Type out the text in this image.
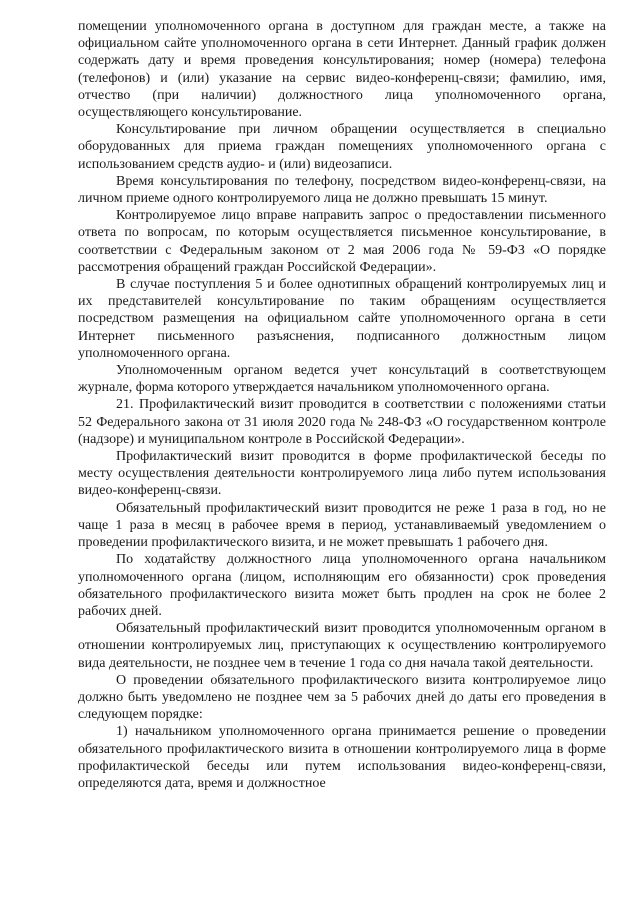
помещении уполномоченного органа в доступном для граждан месте, а также на официальном сайте уполномоченного органа в сети Интернет. Данный график должен содержать дату и время проведения консультирования; номер (номера) телефона (телефонов) и (или) указание на сервис видео-конференц-связи; фамилию, имя, отчество (при наличии) должностного лица уполномоченного органа, осуществляющего консультирование.

Консультирование при личном обращении осуществляется в специально оборудованных для приема граждан помещениях уполномоченного органа с использованием средств аудио- и (или) видеозаписи.

Время консультирования по телефону, посредством видео-конференц-связи, на личном приеме одного контролируемого лица не должно превышать 15 минут.

Контролируемое лицо вправе направить запрос о предоставлении письменного ответа по вопросам, по которым осуществляется письменное консультирование, в соответствии с Федеральным законом от 2 мая 2006 года № 59-ФЗ «О порядке рассмотрения обращений граждан Российской Федерации».

В случае поступления 5 и более однотипных обращений контролируемых лиц и их представителей консультирование по таким обращениям осуществляется посредством размещения на официальном сайте уполномоченного органа в сети Интернет письменного разъяснения, подписанного должностным лицом уполномоченного органа.

Уполномоченным органом ведется учет консультаций в соответствующем журнале, форма которого утверждается начальником уполномоченного органа.

21. Профилактический визит проводится в соответствии с положениями статьи 52 Федерального закона от 31 июля 2020 года № 248-ФЗ «О государственном контроле (надзоре) и муниципальном контроле в Российской Федерации».

Профилактический визит проводится в форме профилактической беседы по месту осуществления деятельности контролируемого лица либо путем использования видео-конференц-связи.

Обязательный профилактический визит проводится не реже 1 раза в год, но не чаще 1 раза в месяц в рабочее время в период, устанавливаемый уведомлением о проведении профилактического визита, и не может превышать 1 рабочего дня.

По ходатайству должностного лица уполномоченного органа начальником уполномоченного органа (лицом, исполняющим его обязанности) срок проведения обязательного профилактического визита может быть продлен на срок не более 2 рабочих дней.

Обязательный профилактический визит проводится уполномоченным органом в отношении контролируемых лиц, приступающих к осуществлению контролируемого вида деятельности, не позднее чем в течение 1 года со дня начала такой деятельности.

О проведении обязательного профилактического визита контролируемое лицо должно быть уведомлено не позднее чем за 5 рабочих дней до даты его проведения в следующем порядке:

1) начальником уполномоченного органа принимается решение о проведении обязательного профилактического визита в отношении контролируемого лица в форме профилактической беседы или путем использования видео-конференц-связи, определяются дата, время и должностное
